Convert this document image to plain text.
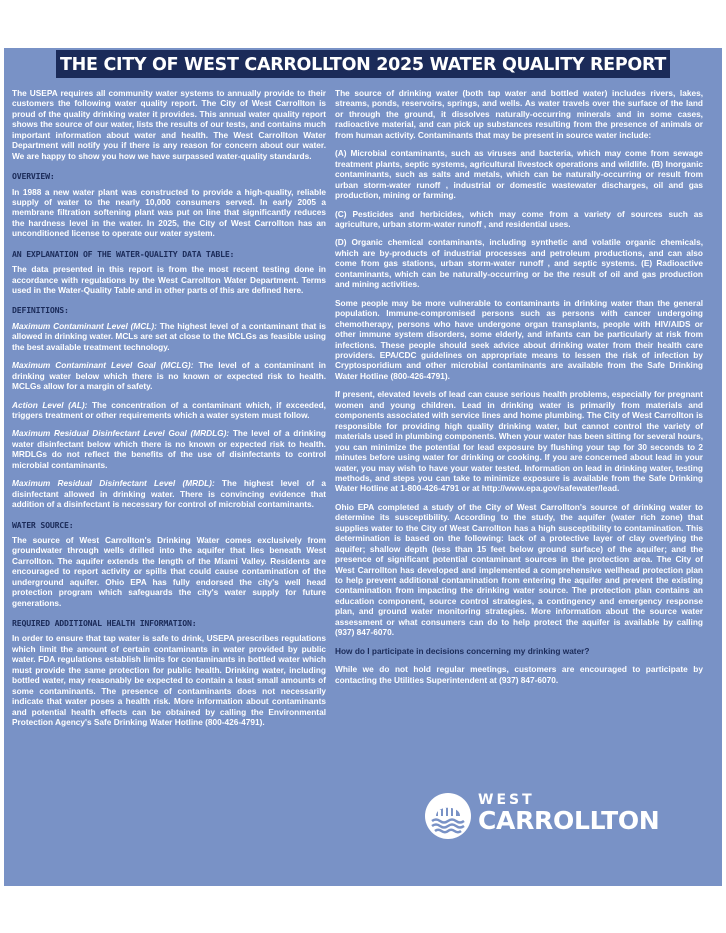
THE CITY OF WEST CARROLLTON 2025 WATER QUALITY REPORT

The USEPA requires all community water systems to annually provide to their customers the following water quality report. The City of West Carrollton is proud of the quality drinking water it provides. This annual water quality report shows the source of our water, lists the results of our tests, and contains much important information about water and health. The West Carrollton Water Department will notify you if there is any reason for concern about our water. We are happy to show you how we have surpassed water-quality standards.

OVERVIEW:

In 1988 a new water plant was constructed to provide a high-quality, reliable supply of water to the nearly 10,000 consumers served. In early 2005 a membrane filtration softening plant was put on line that significantly reduces the hardness level in the water. In 2025, the City of West Carrollton has an unconditioned license to operate our water system.

AN EXPLANATION OF THE WATER-QUALITY DATA TABLE:

The data presented in this report is from the most recent testing done in accordance with regulations by the West Carrollton Water Department. Terms used in the Water-Quality Table and in other parts of this are defined here.

DEFINITIONS:

Maximum Contaminant Level (MCL): The highest level of a contaminant that is allowed in drinking water. MCLs are set at close to the MCLGs as feasible using the best available treatment technology.

Maximum Contaminant Level Goal (MCLG): The level of a contaminant in drinking water below which there is no known or expected risk to health. MCLGs allow for a margin of safety.

Action Level (AL): The concentration of a contaminant which, if exceeded, triggers treatment or other requirements which a water system must follow.

Maximum Residual Disinfectant Level Goal (MRDLG): The level of a drinking water disinfectant below which there is no known or expected risk to health. MRDLGs do not reflect the benefits of the use of disinfectants to control microbial contaminants.

Maximum Residual Disinfectant Level (MRDL): The highest level of a disinfectant allowed in drinking water. There is convincing evidence that addition of a disinfectant is necessary for control of microbial contaminants.

WATER SOURCE:

The source of West Carrollton's Drinking Water comes exclusively from groundwater through wells drilled into the aquifer that lies beneath West Carrollton. The aquifer extends the length of the Miami Valley. Residents are encouraged to report activity or spills that could cause contamination of the underground aquifer. Ohio EPA has fully endorsed the city's well head protection program which safeguards the city's water supply for future generations.

REQUIRED ADDITIONAL HEALTH INFORMATION:

In order to ensure that tap water is safe to drink, USEPA prescribes regulations which limit the amount of certain contaminants in water provided by public water. FDA regulations establish limits for contaminants in bottled water which must provide the same protection for public health. Drinking water, including bottled water, may reasonably be expected to contain a least small amounts of some contaminants. The presence of contaminants does not necessarily indicate that water poses a health risk. More information about contaminants and potential health effects can be obtained by calling the Environmental Protection Agency's Safe Drinking Water Hotline (800-426-4791).

The source of drinking water (both tap water and bottled water) includes rivers, lakes, streams, ponds, reservoirs, springs, and wells. As water travels over the surface of the land or through the ground, it dissolves naturally-occurring minerals and in some cases, radioactive material, and can pick up substances resulting from the presence of animals or from human activity. Contaminants that may be present in source water include:

(A) Microbial contaminants, such as viruses and bacteria, which may come from sewage treatment plants, septic systems, agricultural livestock operations and wildlife. (B) Inorganic contaminants, such as salts and metals, which can be naturally-occurring or result from urban storm-water runoff , industrial or domestic wastewater discharges, oil and gas production, mining or farming.

(C) Pesticides and herbicides, which may come from a variety of sources such as agriculture, urban storm-water runoff , and residential uses.

(D) Organic chemical contaminants, including synthetic and volatile organic chemicals, which are by-products of industrial processes and petroleum productions, and can also come from gas stations, urban storm-water runoff , and septic systems. (E) Radioactive contaminants, which can be naturally-occurring or be the result of oil and gas production and mining activities.

Some people may be more vulnerable to contaminants in drinking water than the general population. Immune-compromised persons such as persons with cancer undergoing chemotherapy, persons who have undergone organ transplants, people with HIV/AIDS or other immune system disorders, some elderly, and infants can be particularly at risk from infections. These people should seek advice about drinking water from their health care providers. EPA/CDC guidelines on appropriate means to lessen the risk of infection by Cryptosporidium and other microbial contaminants are available from the Safe Drinking Water Hotline (800-426-4791).

If present, elevated levels of lead can cause serious health problems, especially for pregnant women and young children. Lead in drinking water is primarily from materials and components associated with service lines and home plumbing. The City of West Carrollton is responsible for providing high quality drinking water, but cannot control the variety of materials used in plumbing components. When your water has been sitting for several hours, you can minimize the potential for lead exposure by flushing your tap for 30 seconds to 2 minutes before using water for drinking or cooking. If you are concerned about lead in your water, you may wish to have your water tested. Information on lead in drinking water, testing methods, and steps you can take to minimize exposure is available from the Safe Drinking Water Hotline at 1-800-426-4791 or at http://www.epa.gov/safewater/lead.

Ohio EPA completed a study of the City of West Carrollton's source of drinking water to determine its susceptibility. According to the study, the aquifer (water rich zone) that supplies water to the City of West Carrollton has a high susceptibility to contamination. This determination is based on the following: lack of a protective layer of clay overlying the aquifer; shallow depth (less than 15 feet below ground surface) of the aquifer; and the presence of significant potential contaminant sources in the protection area. The City of West Carrollton has developed and implemented a comprehensive wellhead protection plan to help prevent additional contamination from entering the aquifer and prevent the existing contamination from impacting the drinking water source. The protection plan contains an education component, source control strategies, a contingency and emergency response plan, and ground water monitoring strategies. More information about the source water assessment or what consumers can do to help protect the aquifer is available by calling (937) 847-6070.

How do I participate in decisions concerning my drinking water?

While we do not hold regular meetings, customers are encouraged to participate by contacting the Utilities Superintendent at (937) 847-6070.

WEST
CARROLLTON
